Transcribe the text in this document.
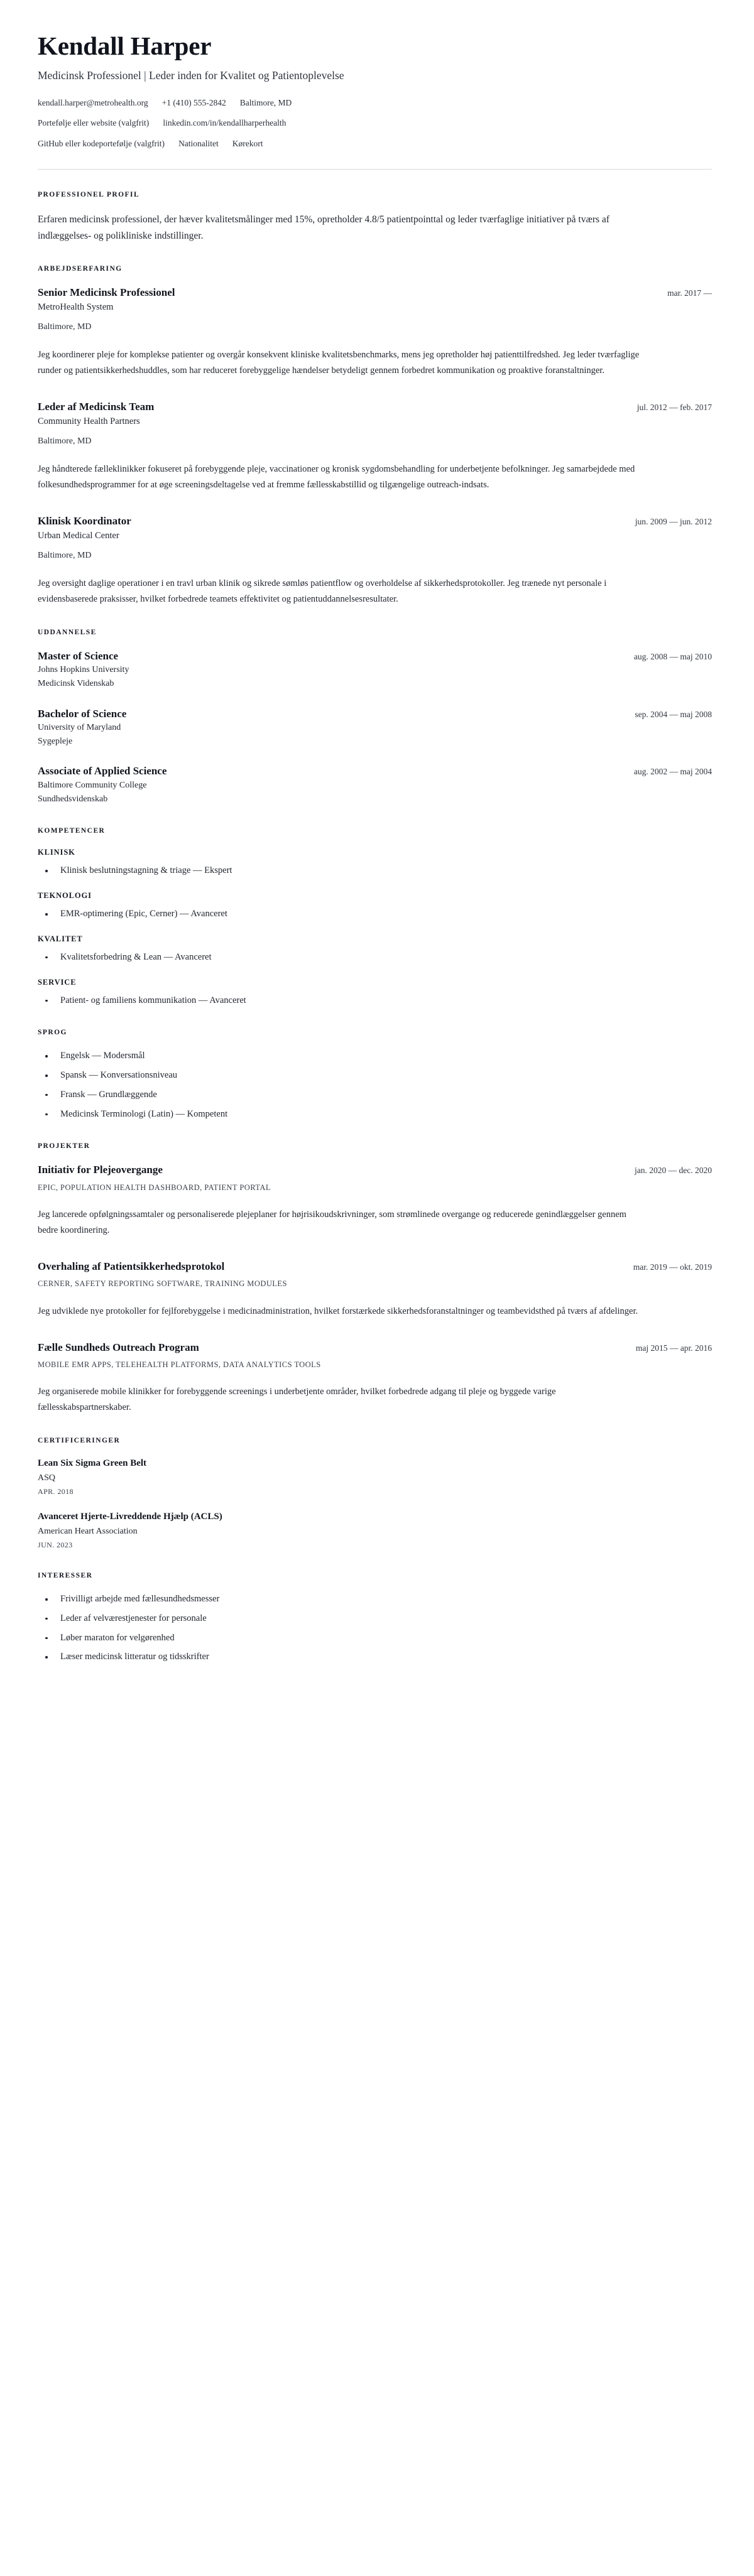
Kendall Harper

Medicinsk Professionel | Leder inden for Kvalitet og Patientoplevelse

kendall.harper@metrohealth.org +1 (410) 555-2842 Baltimore, MD
Portefølje eller website (valgfrit) linkedin.com/in/kendallharperhealth
GitHub eller kodeportefølje (valgfrit) Nationalitet Kørekort
PROFESSIONEL PROFIL

Erfaren medicinsk professionel, der hæver kvalitetsmålinger med 15%, opretholder 4.8/5 patientpointtal og leder tværfaglige initiativer på tværs af indlæggelses- og polikliniske indstillinger.

ARBEJDSERFARING
Senior Medicinsk Professionel	mar. 2017 —

MetroHealth System

Baltimore, MD

Jeg koordinerer pleje for komplekse patienter og overgår konsekvent kliniske kvalitetsbenchmarks, mens jeg opretholder høj patienttilfredshed. Jeg leder tværfaglige runder og patientsikkerhedshuddles, som har reduceret forebyggelige hændelser betydeligt gennem forbedret kommunikation og proaktive foranstaltninger.

Leder af Medicinsk Team	jul. 2012 — feb. 2017

Community Health Partners

Baltimore, MD

Jeg håndterede fælleklinikker fokuseret på forebyggende pleje, vaccinationer og kronisk sygdomsbehandling for underbetjente befolkninger. Jeg samarbejdede med folkesundhedsprogrammer for at øge screeningsdeltagelse ved at fremme fællesskabstillid og tilgængelige outreach-indsats.

Klinisk Koordinator	jun. 2009 — jun. 2012

Urban Medical Center

Baltimore, MD

Jeg oversight daglige operationer i en travl urban klinik og sikrede sømløs patientflow og overholdelse af sikkerhedsprotokoller. Jeg trænede nyt personale i evidensbaserede praksisser, hvilket forbedrede teamets effektivitet og patientuddannelsesresultater.

UDDANNELSE
Master of Science	aug. 2008 — maj 2010

Johns Hopkins University

Medicinsk Videnskab

Bachelor of Science	sep. 2004 — maj 2008

University of Maryland

Sygepleje

Associate of Applied Science	aug. 2002 — maj 2004

Baltimore Community College

Sundhedsvidenskab

KOMPETENCER
KLINISK
Klinisk beslutningstagning & triage — Ekspert
TEKNOLOGI
EMR-optimering (Epic, Cerner) — Avanceret
KVALITET
Kvalitetsforbedring & Lean — Avanceret
SERVICE
Patient- og familiens kommunikation — Avanceret
SPROG
Engelsk — Modersmål
Spansk — Konversationsniveau
Fransk — Grundlæggende
Medicinsk Terminologi (Latin) — Kompetent
PROJEKTER
Initiativ for Plejeovergange	jan. 2020 — dec. 2020

EPIC, POPULATION HEALTH DASHBOARD, PATIENT PORTAL

Jeg lancerede opfølgningssamtaler og personaliserede plejeplaner for højrisikoudskrivninger, som strømlinede overgange og reducerede genindlæggelser gennem bedre koordinering.

Overhaling af Patientsikkerhedsprotokol	mar. 2019 — okt. 2019

CERNER, SAFETY REPORTING SOFTWARE, TRAINING MODULES

Jeg udviklede nye protokoller for fejlforebyggelse i medicinadministration, hvilket forstærkede sikkerhedsforanstaltninger og teambevidsthed på tværs af afdelinger.

Fælle Sundheds Outreach Program	maj 2015 — apr. 2016

MOBILE EMR APPS, TELEHEALTH PLATFORMS, DATA ANALYTICS TOOLS

Jeg organiserede mobile klinikker for forebyggende screenings i underbetjente områder, hvilket forbedrede adgang til pleje og byggede varige fællesskabspartnerskaber.

CERTIFICERINGER
Lean Six Sigma Green Belt

ASQ

APR. 2018

Avanceret Hjerte-Livreddende Hjælp (ACLS)

American Heart Association

JUN. 2023

INTERESSER
Frivilligt arbejde med fællesundhedsmesser
Leder af velværestjenester for personale
Løber maraton for velgørenhed
Læser medicinsk litteratur og tidsskrifter
